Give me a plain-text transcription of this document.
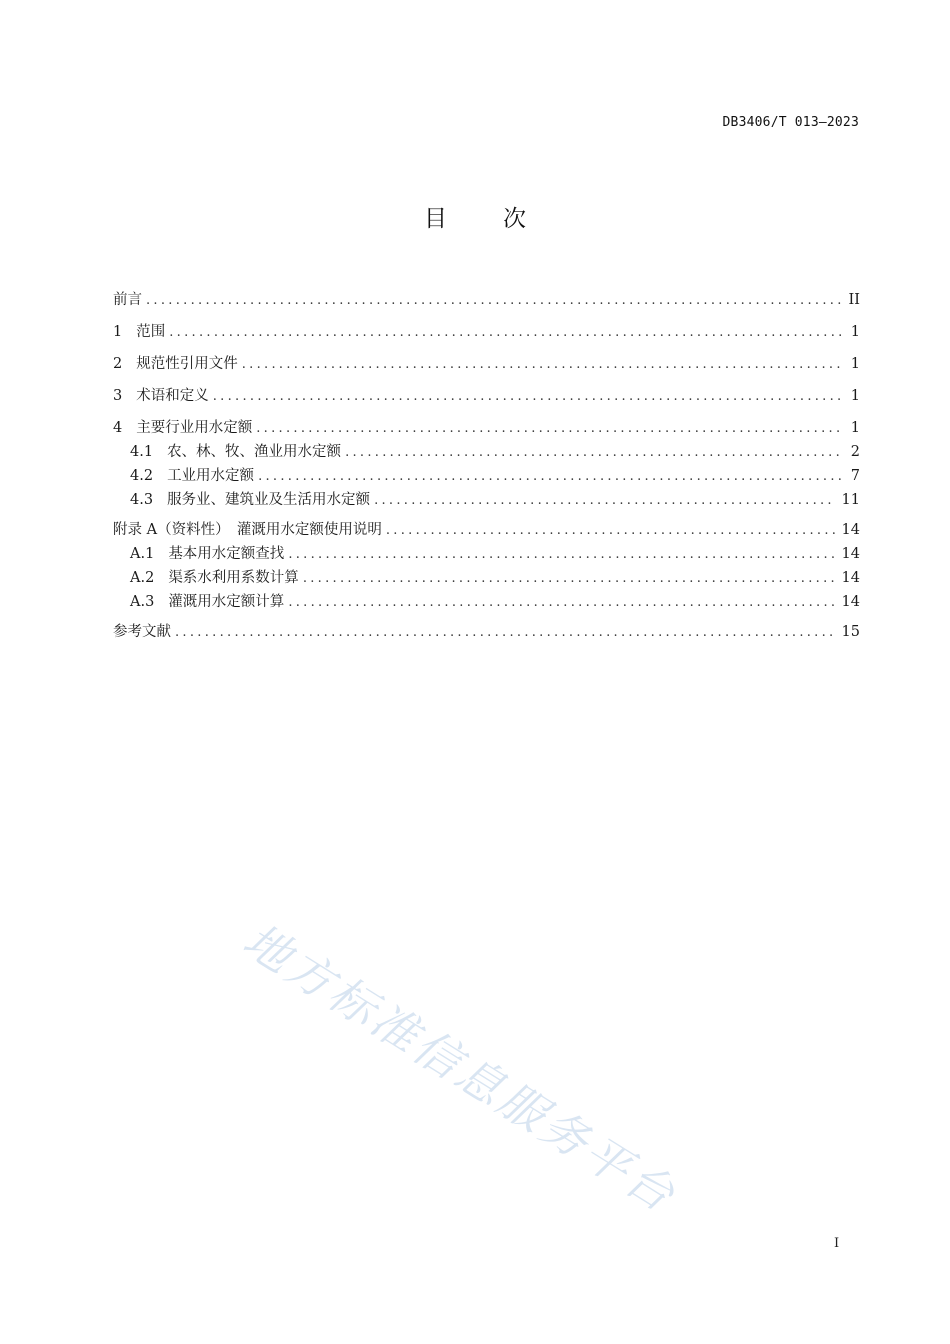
DB3406/T 013—2023
目次
前言 .....	II
1 范围 .....	1
2 规范性引用文件 .....	1
3 术语和定义 .....	1
4 主要行业用水定额 .....	1
4.1 农、林、牧、渔业用水定额 .....	2
4.2 工业用水定额 .....	7
4.3 服务业、建筑业及生活用水定额 .....	11
附录 A（资料性）　灌溉用水定额使用说明 .....	14
A.1 基本用水定额查找 .....	14
A.2 渠系水利用系数计算 .....	14
A.3 灌溉用水定额计算 .....	14
参考文献 .....	15
地方标准信息服务平台
I
